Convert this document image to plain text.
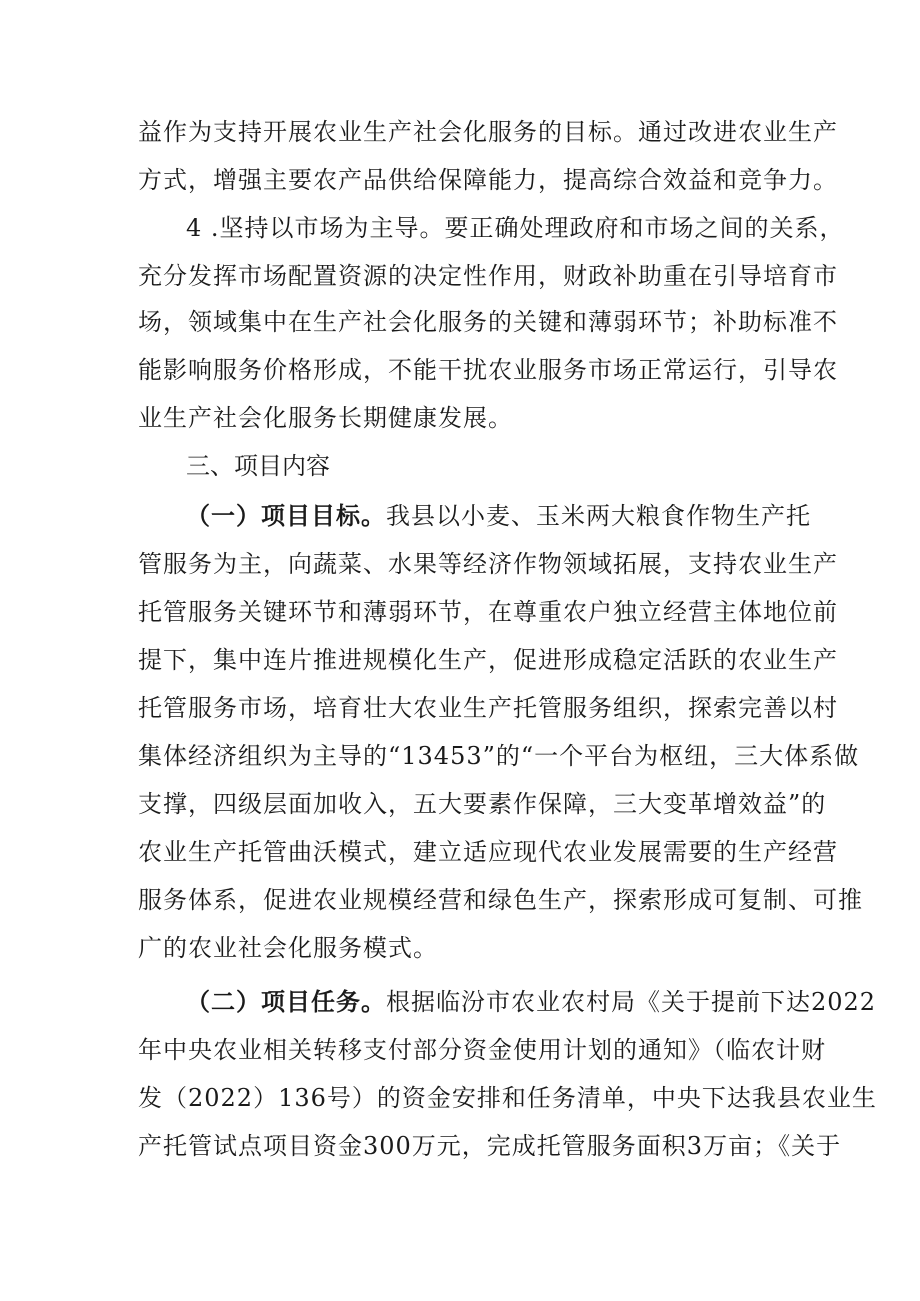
益作为支持开展农业生产社会化服务的目标。通过改进农业生产
方式，增强主要农产品供给保障能力，提高综合效益和竞争力。
4 .坚持以市场为主导。要正确处理政府和市场之间的关系，
充分发挥市场配置资源的决定性作用，财政补助重在引导培育市
场，领域集中在生产社会化服务的关键和薄弱环节；补助标准不
能影响服务价格形成，不能干扰农业服务市场正常运行，引导农
业生产社会化服务长期健康发展。
三、项目内容
（一）项目目标。我县以小麦、玉米两大粮食作物生产托
管服务为主，向蔬菜、水果等经济作物领域拓展，支持农业生产
托管服务关键环节和薄弱环节，在尊重农户独立经营主体地位前
提下，集中连片推进规模化生产，促进形成稳定活跃的农业生产
托管服务市场，培育壮大农业生产托管服务组织，探索完善以村
集体经济组织为主导的“13453”的“一个平台为枢纽，三大体系做
支撑，四级层面加收入，五大要素作保障，三大变革增效益”的
农业生产托管曲沃模式，建立适应现代农业发展需要的生产经营
服务体系，促进农业规模经营和绿色生产，探索形成可复制、可推
广的农业社会化服务模式。
（二）项目任务。根据临汾市农业农村局《关于提前下达2022
年中央农业相关转移支付部分资金使用计划的通知》（临农计财
发（2022）136号）的资金安排和任务清单，中央下达我县农业生
产托管试点项目资金300万元，完成托管服务面积3万亩；《关于
